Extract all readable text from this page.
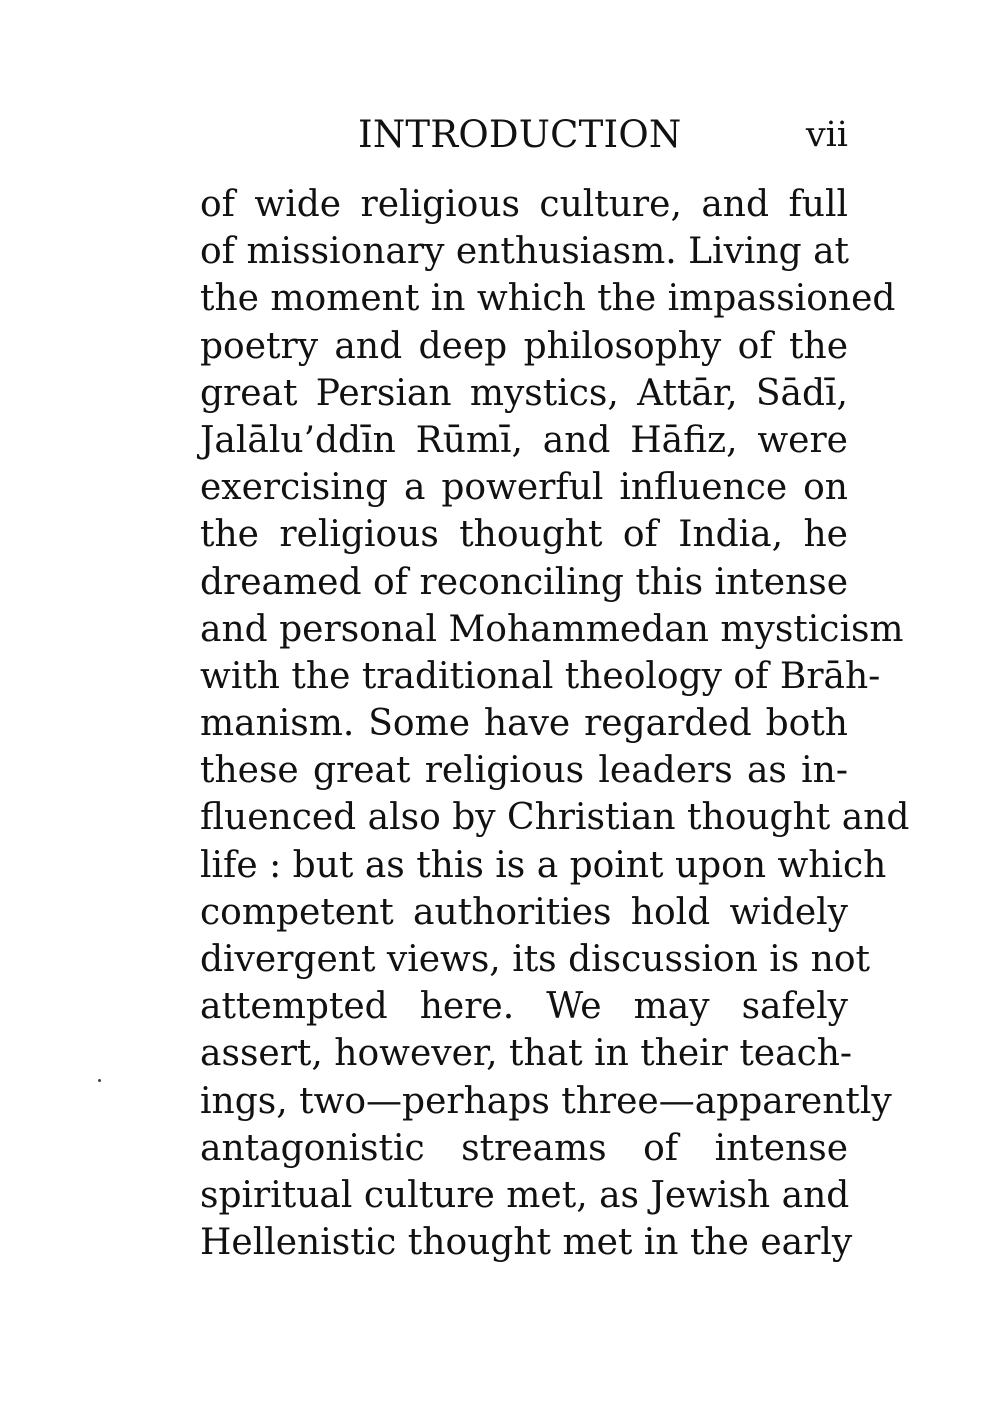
INTRODUCTION	vii
of wide religious culture, and full
of missionary enthusiasm. Living at
the moment in which the impassioned
poetry and deep philosophy of the
great Persian mystics, Attār, Sādī,
Jalālu’ddīn Rūmī, and Hāfiz, were
exercising a powerful influence on
the religious thought of India, he
dreamed of reconciling this intense
and personal Mohammedan mysticism
with the traditional theology of Brāh-
manism. Some have regarded both
these great religious leaders as in-
fluenced also by Christian thought and
life : but as this is a point upon which
competent authorities hold widely
divergent views, its discussion is not
attempted here. We may safely
assert, however, that in their teach-
ings, two—perhaps three—apparently
antagonistic streams of intense
spiritual culture met, as Jewish and
Hellenistic thought met in the early
